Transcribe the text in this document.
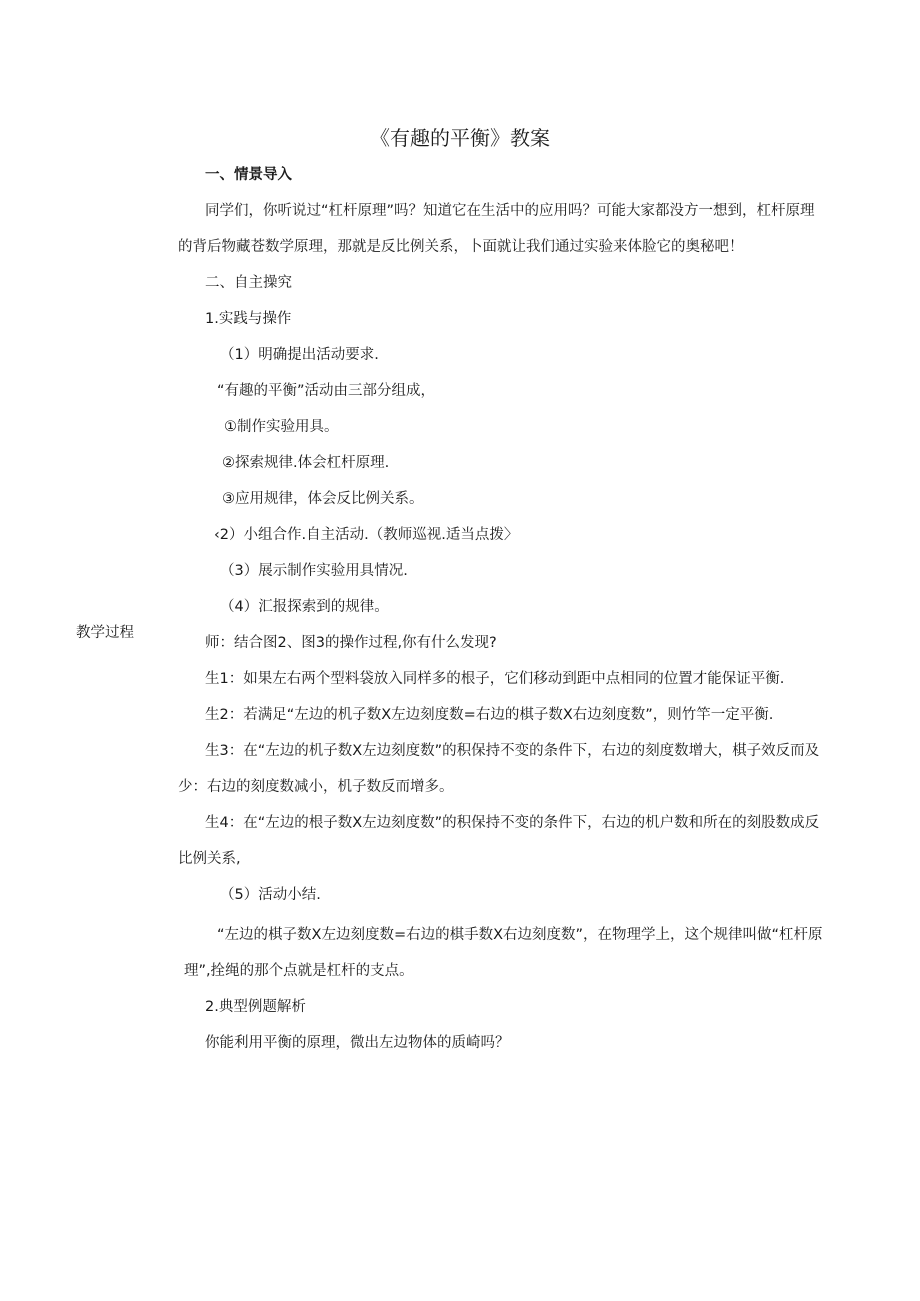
《有趣的平衡》教案
教学过程

一、情景导入

同学们，你听说过“杠杆原理”吗？知道它在生活中的应用吗？可能大家都没方一想到，杠杆原理

的背后物藏苍数学原理，那就是反比例关系，卜面就让我们通过实验来体脸它的奥秘吧！

二、自主操究

1.实践与操作

（1）明确提出活动要求.

“有趣的平衡”活动由三部分组成，

①制作实验用具。

②探索规律.体会杠杆原理.

③应用规律，体会反比例关系。

‹2）小组合作.自主活动.（教师巡视.适当点拨〉

（3）展示制作实验用具情况.

（4）汇报探索到的规律。

师：结合图2、图3的操作过程,你有什么发现?

生1：如果左右两个型料袋放入同样多的根子，它们移动到距中点相同的位置才能保证平衡.

生2：若满足“左边的机子数X左边刻度数=右边的棋子数X右边刻度数”，则竹竿一定平衡.

生3：在“左边的机子数X左边刻度数”的积保持不变的条件下，右边的刻度数增大，棋子效反而及

少：右边的刻度数减小，机子数反而增多。

生4：在“左边的根子数X左边刻度数”的积保持不变的条件下，右边的机户数和所在的刻股数成反

比例关系,

（5）活动小结.

“左边的棋子数X左边刻度数=右边的棋手数X右边刻度数”，在物理学上，这个规律叫做“杠杆原

理”,拴绳的那个点就是杠杆的支点。

2.典型例题解析

你能利用平衡的原理，微出左边物体的质崎吗？
